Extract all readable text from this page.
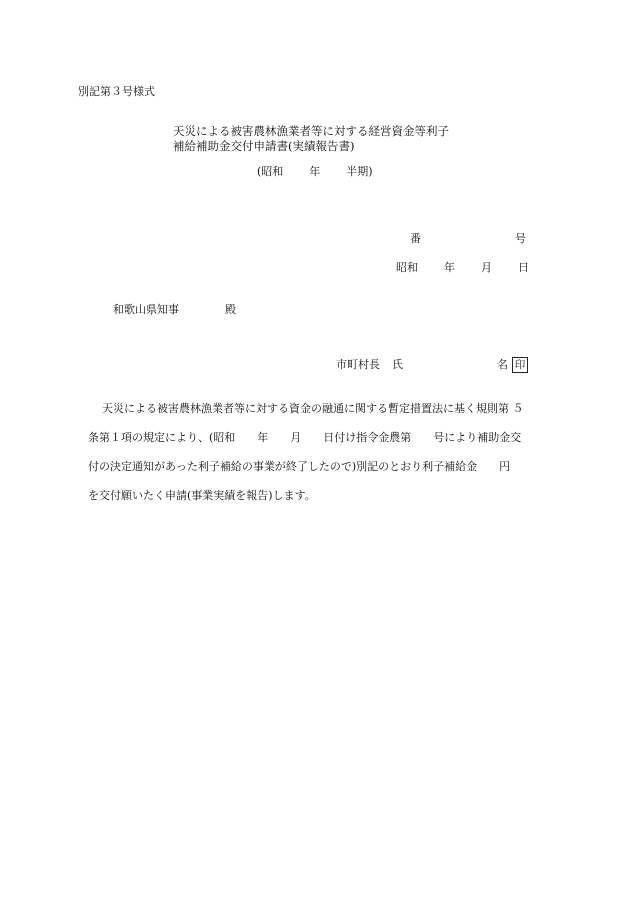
別記第３号様式
天災による被害農林漁業者等に対する経営資金等利子
補給補助金交付申請書(実績報告書)
(昭和 年 半期)
番	号
昭和 年 月 日
和歌山県知事	殿
市町村長 氏	名 印
天災による被害農林漁業者等に対する資金の融通に関する暫定措置法に基く規則第 ５
条第１項の規定により、(昭和　　年　　月　　日付け指令金農第　　号により補助金交
付の決定通知があった利子補給の事業が終了したので)別記のとおり利子補給金　　円
を交付願いたく申請(事業実績を報告)します。
